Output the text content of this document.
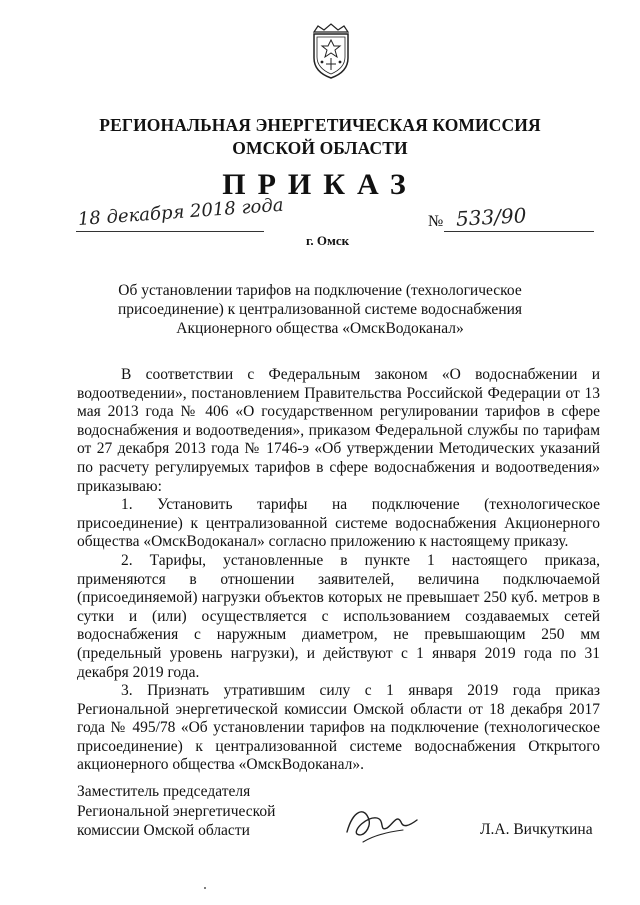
РЕГИОНАЛЬНАЯ ЭНЕРГЕТИЧЕСКАЯ КОМИССИЯ
ОМСКОЙ ОБЛАСТИ
ПРИКАЗ
18 декабря 2018 года	№ 533/90
г. Омск
Об установлении тарифов на подключение (технологическое
присоединение) к централизованной системе водоснабжения
Акционерного общества «ОмскВодоканал»

В соответствии с Федеральным законом «О водоснабжении и водоотведении», постановлением Правительства Российской Федерации от 13 мая 2013 года № 406 «О государственном регулировании тарифов в сфере водоснабжения и водоотведения», приказом Федеральной службы по тарифам от 27 декабря 2013 года № 1746-э «Об утверждении Методических указаний по расчету регулируемых тарифов в сфере водоснабжения и водоотведения» приказываю:

1. Установить тарифы на подключение (технологическое присоединение) к централизованной системе водоснабжения Акционерного общества «ОмскВодоканал» согласно приложению к настоящему приказу.

2. Тарифы, установленные в пункте 1 настоящего приказа, применяются в отношении заявителей, величина подключаемой (присоединяемой) нагрузки объектов которых не превышает 250 куб. метров в сутки и (или) осуществляется с использованием создаваемых сетей водоснабжения с наружным диаметром, не превышающим 250 мм (предельный уровень нагрузки), и действуют с 1 января 2019 года по 31 декабря 2019 года.

3. Признать утратившим силу с 1 января 2019 года приказ Региональной энергетической комиссии Омской области от 18 декабря 2017 года № 495/78 «Об установлении тарифов на подключение (технологическое присоединение) к централизованной системе водоснабжения Открытого акционерного общества «ОмскВодоканал».

Заместитель председателя
Региональной энергетической
комиссии Омской области	Л.А. Вичкуткина
